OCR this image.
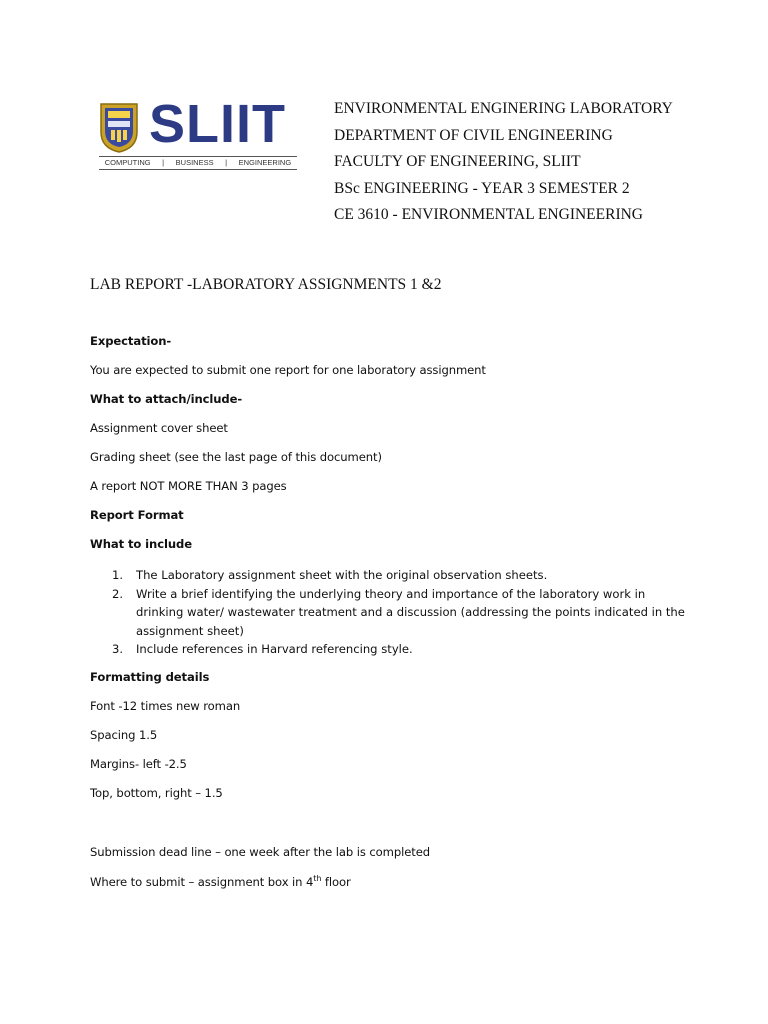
SLIIT
COMPUTING | BUSINESS | ENGINEERING
ENVIRONMENTAL ENGINERING LABORATORY
DEPARTMENT OF CIVIL ENGINEERING
FACULTY OF ENGINEERING, SLIIT
BSc ENGINEERING - YEAR 3 SEMESTER 2
CE 3610 - ENVIRONMENTAL ENGINEERING
LAB REPORT -LABORATORY ASSIGNMENTS 1 &2
Expectation-
You are expected to submit one report for one laboratory assignment
What to attach/include-
Assignment cover sheet
Grading sheet (see the last page of this document)
A report NOT MORE THAN 3 pages
Report Format
What to include
1. The Laboratory assignment sheet with the original observation sheets.
2. Write a brief identifying the underlying theory and importance of the laboratory work in
drinking water/ wastewater treatment and a discussion (addressing the points indicated in the
assignment sheet)
3. Include references in Harvard referencing style.
Formatting details
Font -12 times new roman
Spacing 1.5
Margins- left -2.5
Top, bottom, right – 1.5
Submission dead line – one week after the lab is completed
Where to submit – assignment box in 4th floor
